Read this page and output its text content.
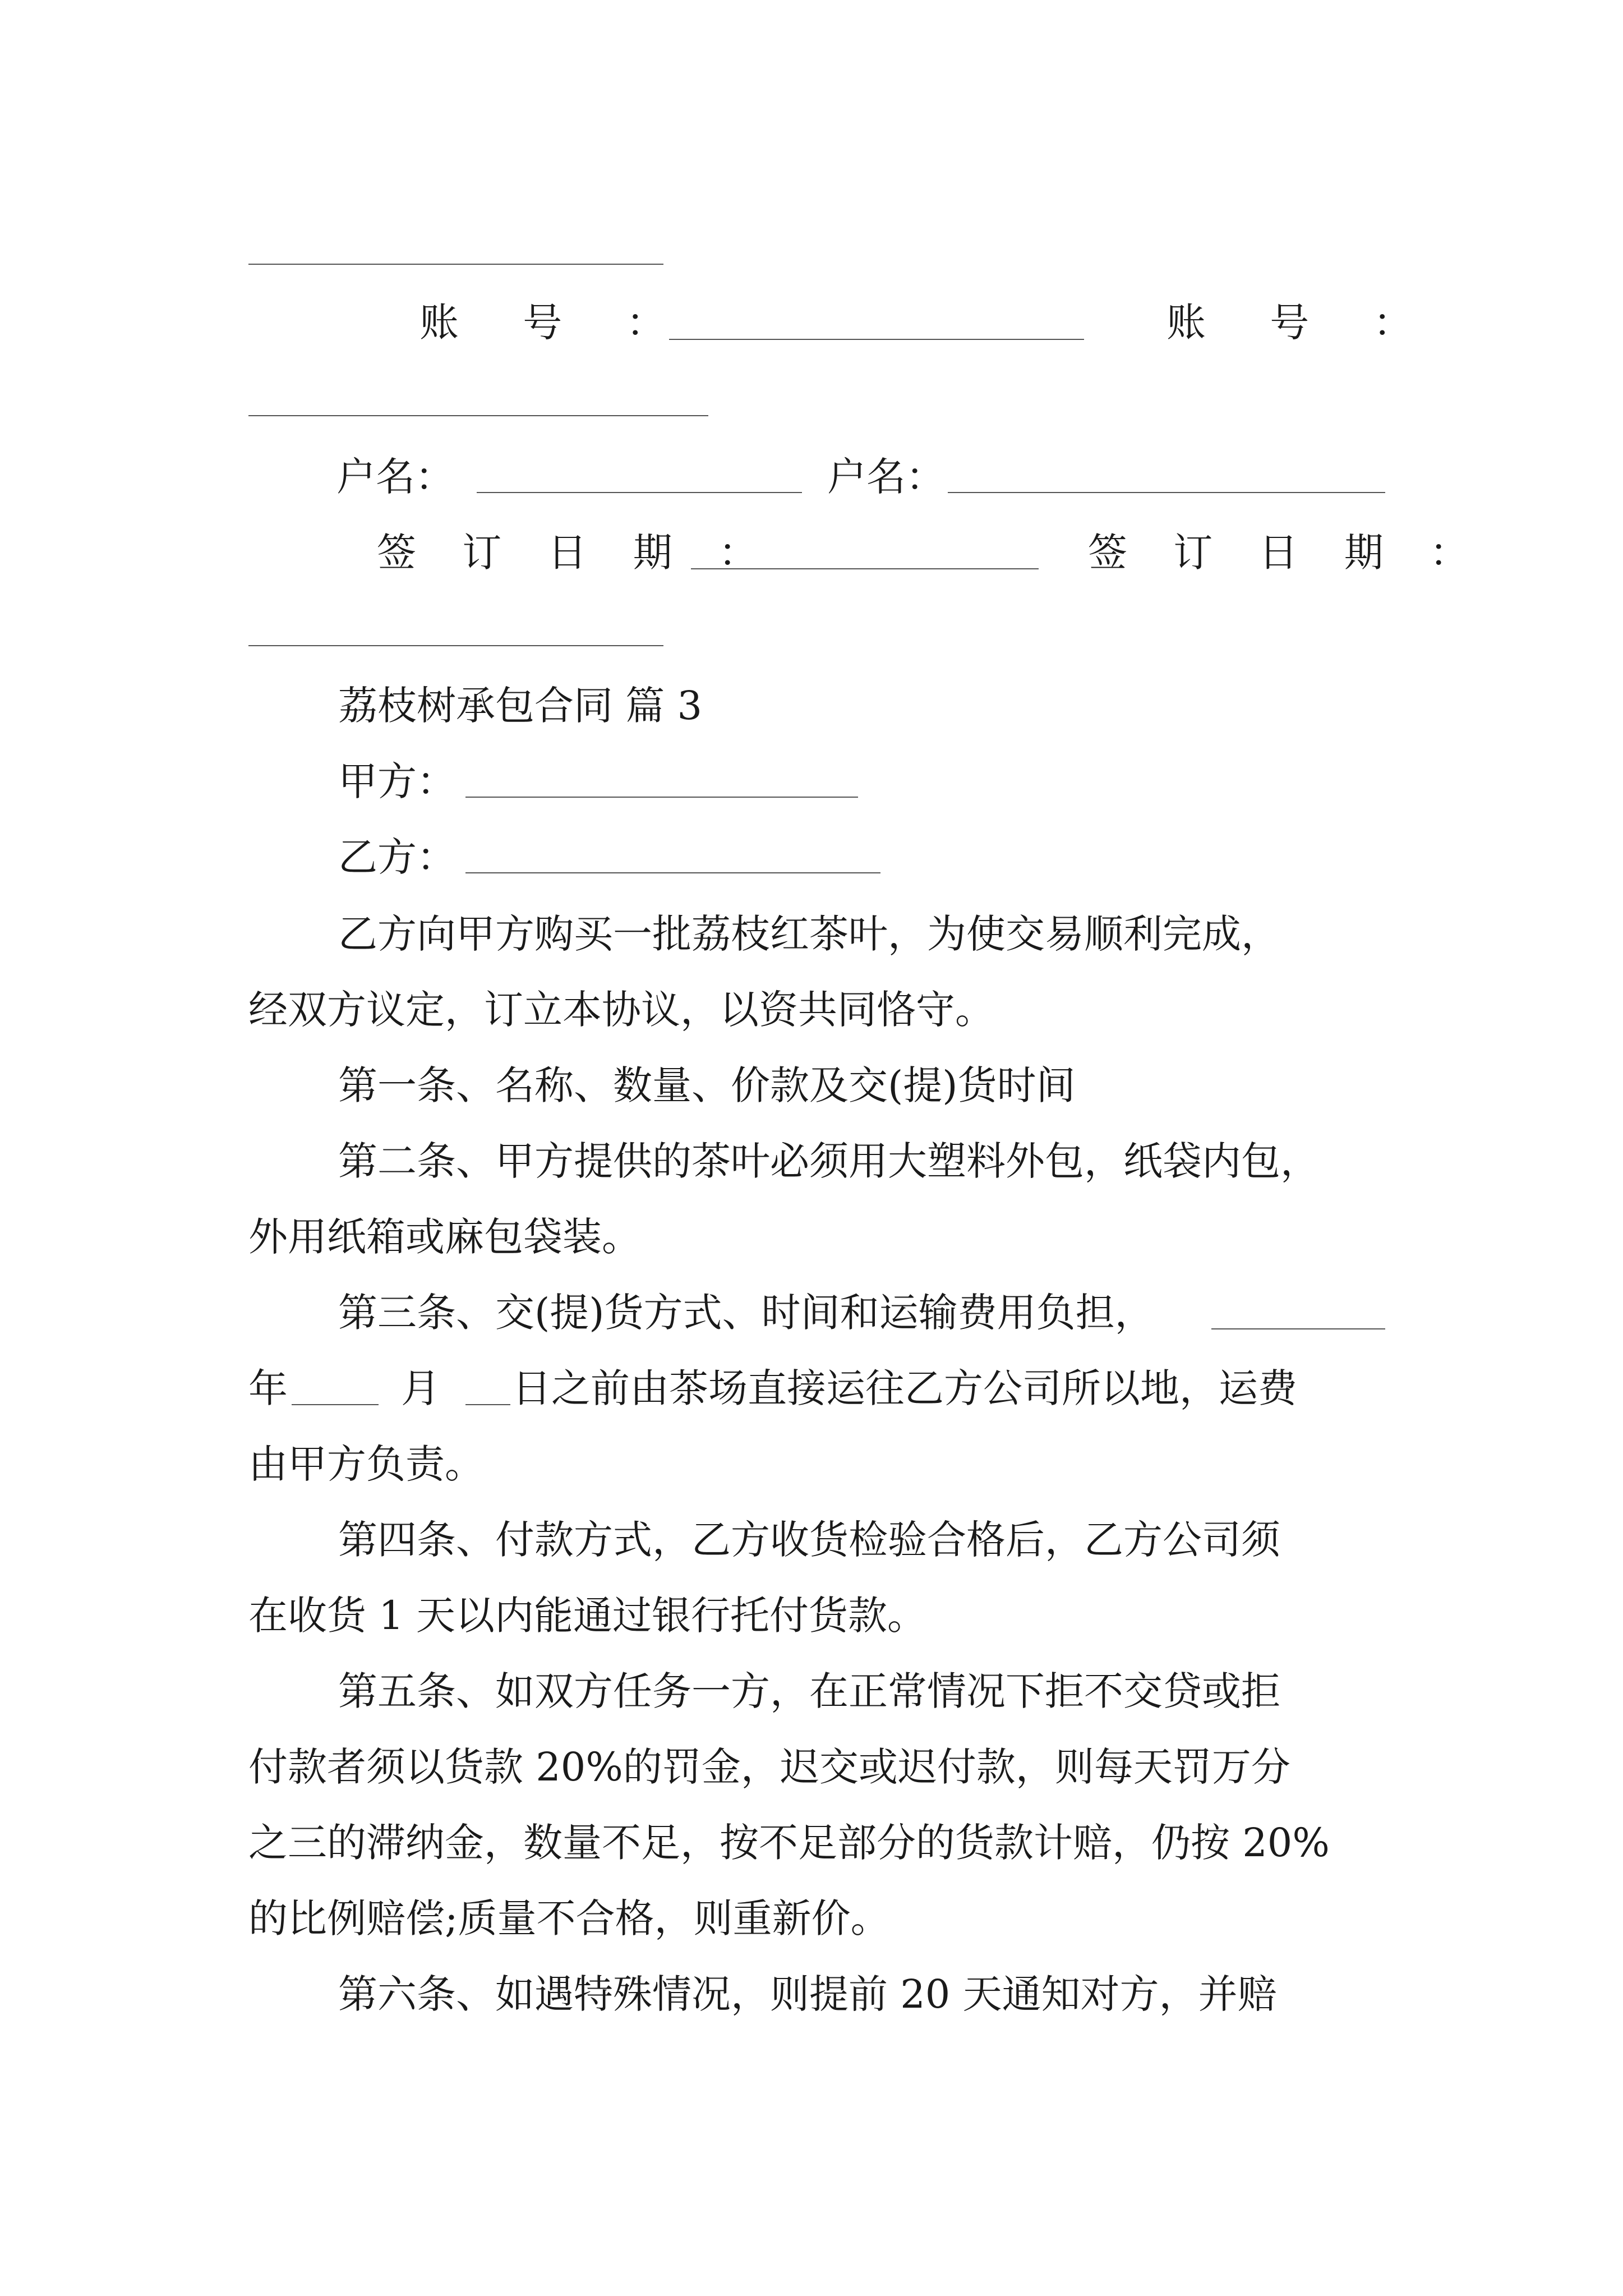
账 号 ：	账 号 ：
户名：	户名：
签 订 日 期 ：	签 订 日 期 ：
荔枝树承包合同 篇 3
甲方：
乙方：
乙方向甲方购买一批荔枝红茶叶，为使交易顺利完成，
经双方议定，订立本协议，以资共同恪守。
第一条、名称、数量、价款及交(提)货时间
第二条、甲方提供的茶叶必须用大塑料外包，纸袋内包，
外用纸箱或麻包袋装。
第三条、交(提)货方式、时间和运输费用负担，
年	月 日之前由茶场直接运往乙方公司所以地，运费
由甲方负责。
第四条、付款方式，乙方收货检验合格后，乙方公司须
在收货 1 天以内能通过银行托付货款。
第五条、如双方任务一方，在正常情况下拒不交贷或拒
付款者须以货款 20%的罚金，迟交或迟付款，则每天罚万分
之三的滞纳金，数量不足，按不足部分的货款计赔，仍按 20%
的比例赔偿;质量不合格，则重新价。
第六条、如遇特殊情况，则提前 20 天通知对方，并赔
